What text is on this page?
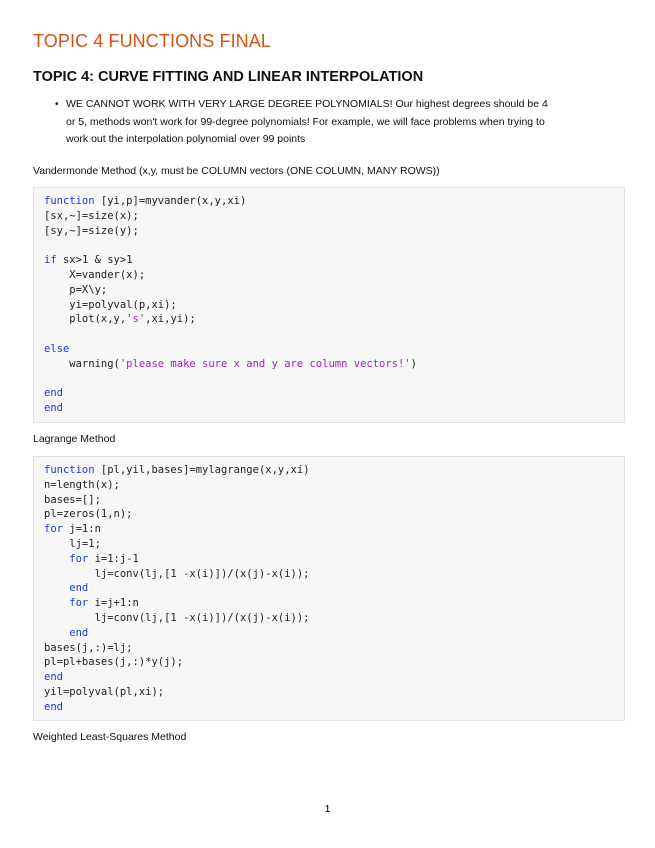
TOPIC 4 FUNCTIONS FINAL
TOPIC 4: CURVE FITTING AND LINEAR INTERPOLATION
• WE CANNOT WORK WITH VERY LARGE DEGREE POLYNOMIALS! Our highest degrees should be 4
or 5, methods won't work for 99-degree polynomials! For example, we will face problems when trying to
work out the interpolation polynomial over 99 points
Vandermonde Method (x,y, must be COLUMN vectors (ONE COLUMN, MANY ROWS))
function [yi,p]=myvander(x,y,xi)
[sx,~]=size(x);
[sy,~]=size(y);

if sx>1 & sy>1
X=vander(x);
p=X\y;
yi=polyval(p,xi);
plot(x,y,'s',xi,yi);

else
warning('please make sure x and y are column vectors!')

end
end
Lagrange Method
function [pl,yil,bases]=mylagrange(x,y,xi)
n=length(x);
bases=[];
pl=zeros(1,n);
for j=1:n
lj=1;
for i=1:j-1
lj=conv(lj,[1 -x(i)])/(x(j)-x(i));
end
for i=j+1:n
lj=conv(lj,[1 -x(i)])/(x(j)-x(i));
end
bases(j,:)=lj;
pl=pl+bases(j,:)*y(j);
end
yil=polyval(pl,xi);
end
Weighted Least-Squares Method
1
